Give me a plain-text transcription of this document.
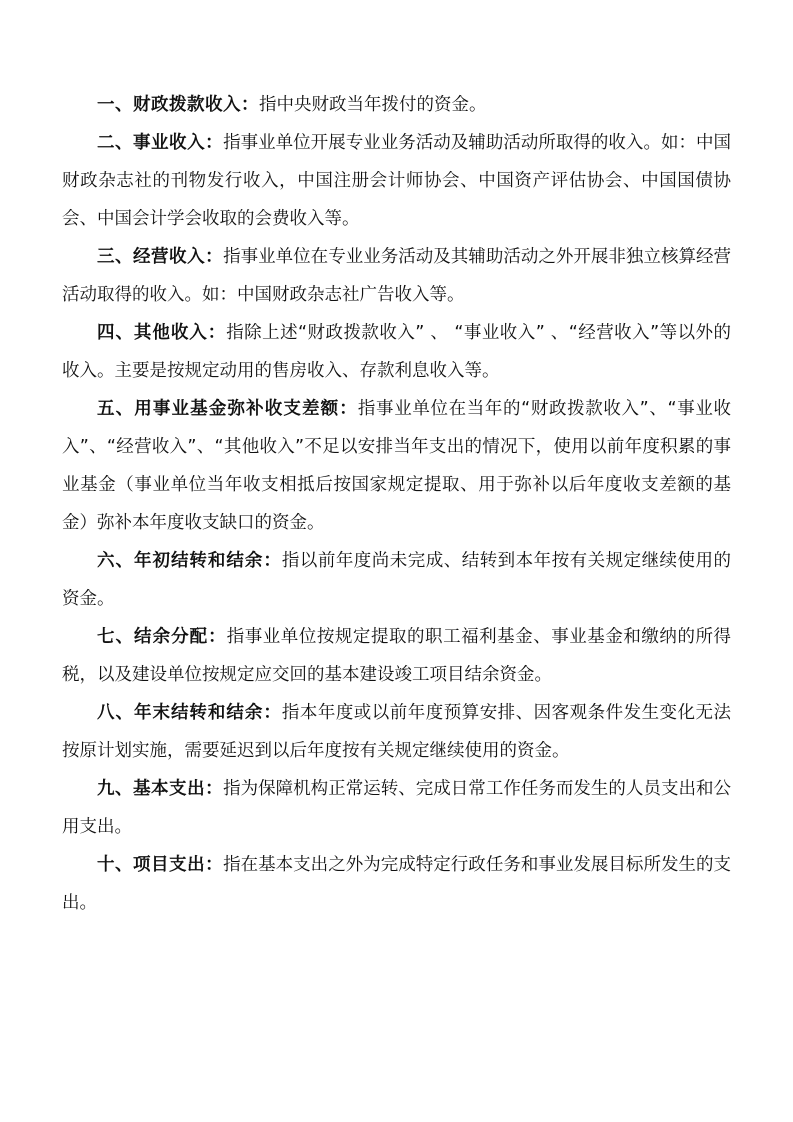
一、财政拨款收入：指中央财政当年拨付的资金。

二、事业收入：指事业单位开展专业业务活动及辅助活动所取得的收入。如：中国财政杂志社的刊物发行收入，中国注册会计师协会、中国资产评估协会、中国国债协会、中国会计学会收取的会费收入等。

三、经营收入：指事业单位在专业业务活动及其辅助活动之外开展非独立核算经营活动取得的收入。如：中国财政杂志社广告收入等。

四、其他收入：指除上述“财政拨款收入” 、 “事业收入” 、“经营收入”等以外的收入。主要是按规定动用的售房收入、存款利息收入等。

五、用事业基金弥补收支差额：指事业单位在当年的“财政拨款收入”、“事业收入”、“经营收入”、“其他收入”不足以安排当年支出的情况下，使用以前年度积累的事业基金（事业单位当年收支相抵后按国家规定提取、用于弥补以后年度收支差额的基金）弥补本年度收支缺口的资金。

六、年初结转和结余：指以前年度尚未完成、结转到本年按有关规定继续使用的资金。

七、结余分配：指事业单位按规定提取的职工福利基金、事业基金和缴纳的所得税，以及建设单位按规定应交回的基本建设竣工项目结余资金。

八、年末结转和结余：指本年度或以前年度预算安排、因客观条件发生变化无法按原计划实施，需要延迟到以后年度按有关规定继续使用的资金。

九、基本支出：指为保障机构正常运转、完成日常工作任务而发生的人员支出和公用支出。

十、项目支出：指在基本支出之外为完成特定行政任务和事业发展目标所发生的支出。
